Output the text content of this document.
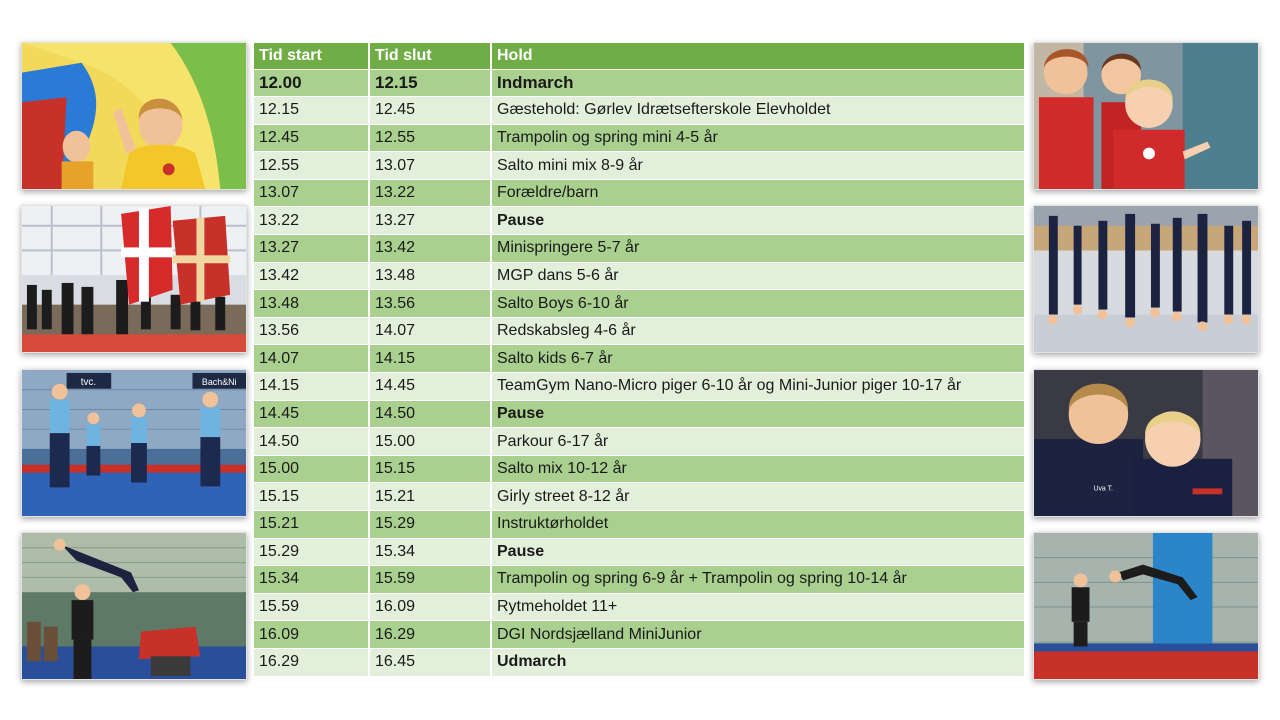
tvc.	Bach&Ni
Tid start	Tid slut	Hold
12.00	12.15	Indmarch
12.15	12.45	Gæstehold: Gørlev Idrætsefterskole Elevholdet
12.45	12.55	Trampolin og spring mini 4-5 år
12.55	13.07	Salto mini mix 8-9 år
13.07	13.22	Forældre/barn
13.22	13.27	Pause
13.27	13.42	Minispringere 5-7 år
13.42	13.48	MGP dans 5-6 år
13.48	13.56	Salto Boys 6-10 år
13.56	14.07	Redskabsleg 4-6 år
14.07	14.15	Salto kids 6-7 år
14.15	14.45	TeamGym Nano-Micro piger 6-10 år og Mini-Junior piger 10-17 år
14.45	14.50	Pause
14.50	15.00	Parkour 6-17 år
15.00	15.15	Salto mix 10-12 år
15.15	15.21	Girly street 8-12 år
15.21	15.29	Instruktørholdet
15.29	15.34	Pause
15.34	15.59	Trampolin og spring 6-9 år + Trampolin og spring 10-14 år
15.59	16.09	Rytmeholdet 11+
16.09	16.29	DGI Nordsjælland MiniJunior
16.29	16.45	Udmarch
Uva T.
